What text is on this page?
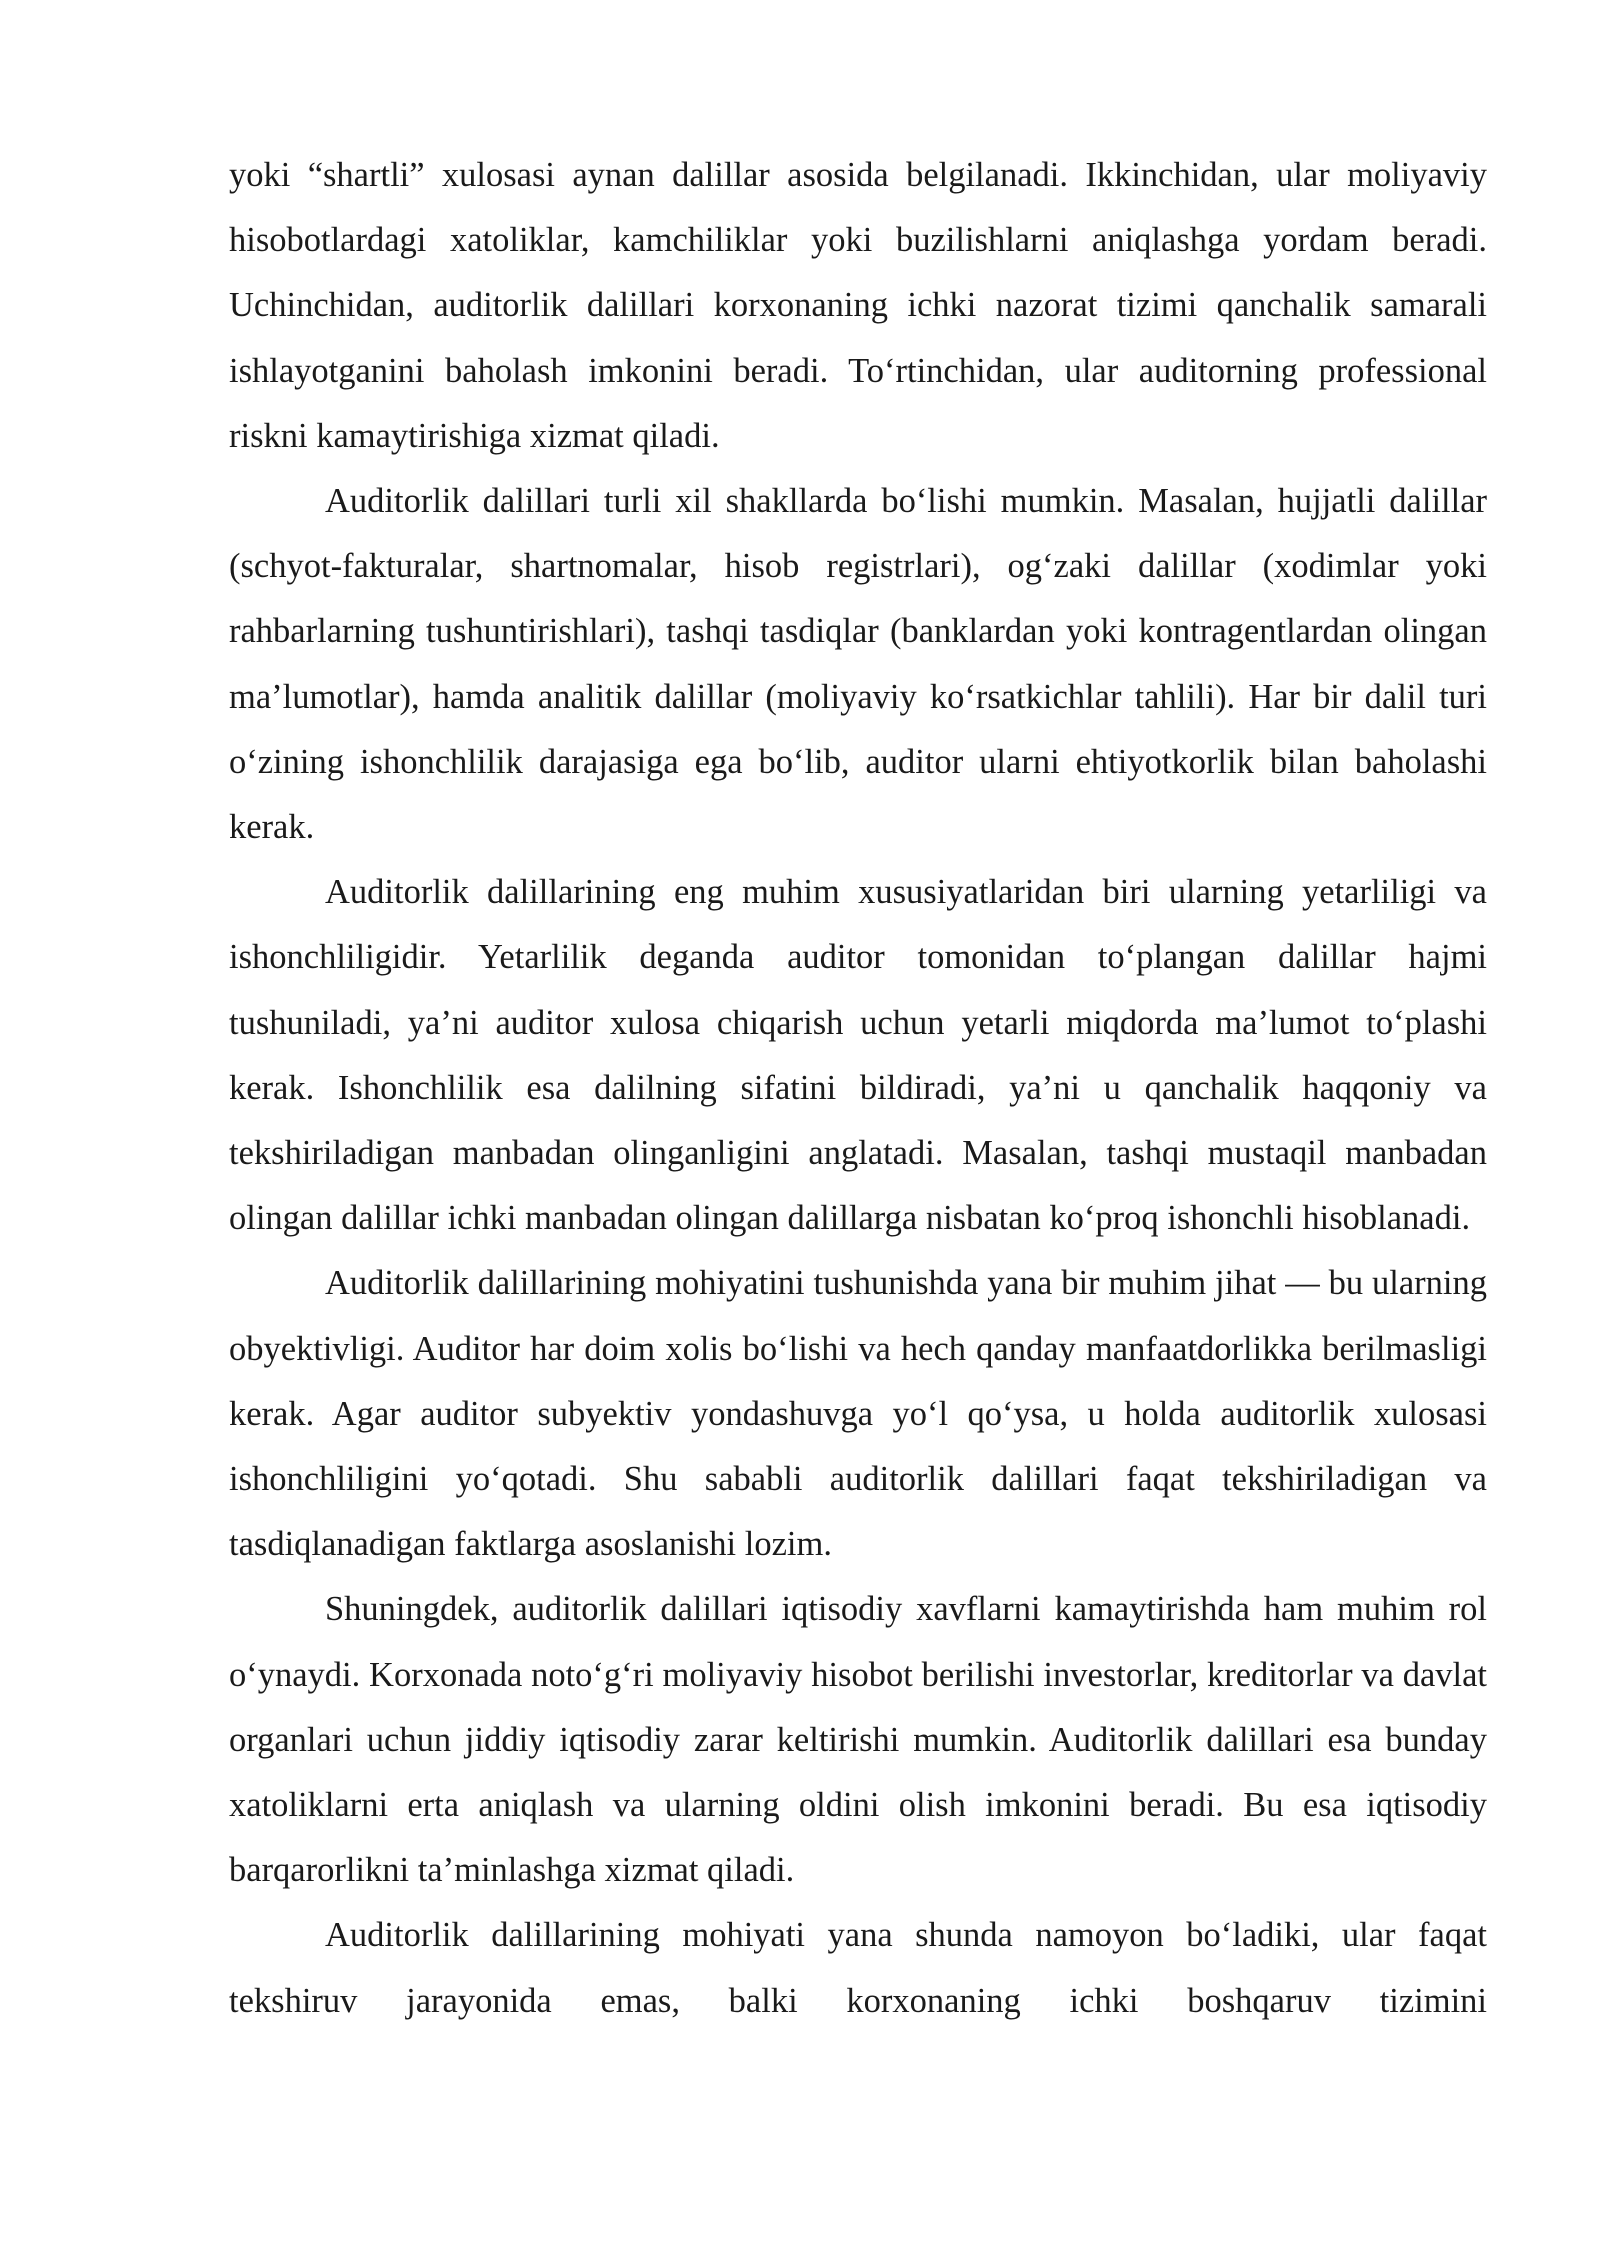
yoki “shartli” xulosasi aynan dalillar asosida belgilanadi. Ikkinchidan, ular moliyaviy hisobotlardagi xatoliklar, kamchiliklar yoki buzilishlarni aniqlashga yordam beradi. Uchinchidan, auditorlik dalillari korxonaning ichki nazorat tizimi qanchalik samarali ishlayotganini baholash imkonini beradi. To‘rtinchidan, ular auditorning professional riskni kamaytirishiga xizmat qiladi.

Auditorlik dalillari turli xil shakllarda bo‘lishi mumkin. Masalan, hujjatli dalillar (schyot-fakturalar, shartnomalar, hisob registrlari), og‘zaki dalillar (xodimlar yoki rahbarlarning tushuntirishlari), tashqi tasdiqlar (banklardan yoki kontragentlardan olingan ma’lumotlar), hamda analitik dalillar (moliyaviy ko‘rsatkichlar tahlili). Har bir dalil turi o‘zining ishonchlilik darajasiga ega bo‘lib, auditor ularni ehtiyotkorlik bilan baholashi kerak.

Auditorlik dalillarining eng muhim xususiyatlaridan biri ularning yetarliligi va ishonchliligidir. Yetarlilik deganda auditor tomonidan to‘plangan dalillar hajmi tushuniladi, ya’ni auditor xulosa chiqarish uchun yetarli miqdorda ma’lumot to‘plashi kerak. Ishonchlilik esa dalilning sifatini bildiradi, ya’ni u qanchalik haqqoniy va tekshiriladigan manbadan olinganligini anglatadi. Masalan, tashqi mustaqil manbadan olingan dalillar ichki manbadan olingan dalillarga nisbatan ko‘proq ishonchli hisoblanadi.

Auditorlik dalillarining mohiyatini tushunishda yana bir muhim jihat — bu ularning obyektivligi. Auditor har doim xolis bo‘lishi va hech qanday manfaatdorlikka berilmasligi kerak. Agar auditor subyektiv yondashuvga yo‘l qo‘ysa, u holda auditorlik xulosasi ishonchliligini yo‘qotadi. Shu sababli auditorlik dalillari faqat tekshiriladigan va tasdiqlanadigan faktlarga asoslanishi lozim.

Shuningdek, auditorlik dalillari iqtisodiy xavflarni kamaytirishda ham muhim rol o‘ynaydi. Korxonada noto‘g‘ri moliyaviy hisobot berilishi investorlar, kreditorlar va davlat organlari uchun jiddiy iqtisodiy zarar keltirishi mumkin. Auditorlik dalillari esa bunday xatoliklarni erta aniqlash va ularning oldini olish imkonini beradi. Bu esa iqtisodiy barqarorlikni ta’minlashga xizmat qiladi.

Auditorlik dalillarining mohiyati yana shunda namoyon bo‘ladiki, ular faqat tekshiruv jarayonida emas, balki korxonaning ichki boshqaruv tizimini
